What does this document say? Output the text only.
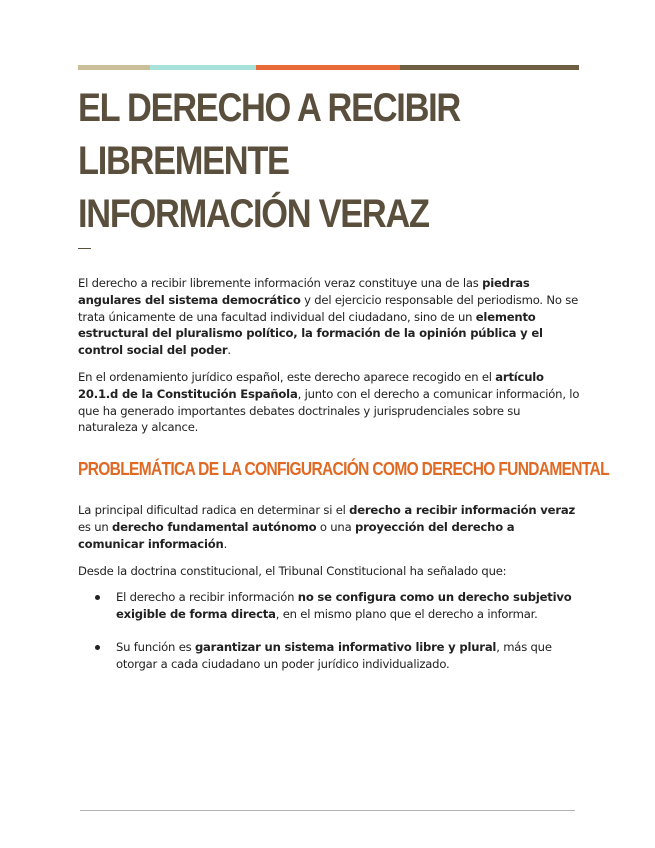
EL DERECHO A RECIBIR LIBREMENTE INFORMACIÓN VERAZ

El derecho a recibir libremente información veraz constituye una de las piedras angulares del sistema democrático y del ejercicio responsable del periodismo. No se trata únicamente de una facultad individual del ciudadano, sino de un elemento estructural del pluralismo político, la formación de la opinión pública y el control social del poder.

En el ordenamiento jurídico español, este derecho aparece recogido en el artículo 20.1.d de la Constitución Española, junto con el derecho a comunicar información, lo que ha generado importantes debates doctrinales y jurisprudenciales sobre su naturaleza y alcance.

PROBLEMÁTICA DE LA CONFIGURACIÓN COMO DERECHO FUNDAMENTAL

La principal dificultad radica en determinar si el derecho a recibir información veraz es un derecho fundamental autónomo o una proyección del derecho a comunicar información.

Desde la doctrina constitucional, el Tribunal Constitucional ha señalado que:

El derecho a recibir información no se configura como un derecho subjetivo exigible de forma directa, en el mismo plano que el derecho a informar.
Su función es garantizar un sistema informativo libre y plural, más que otorgar a cada ciudadano un poder jurídico individualizado.
